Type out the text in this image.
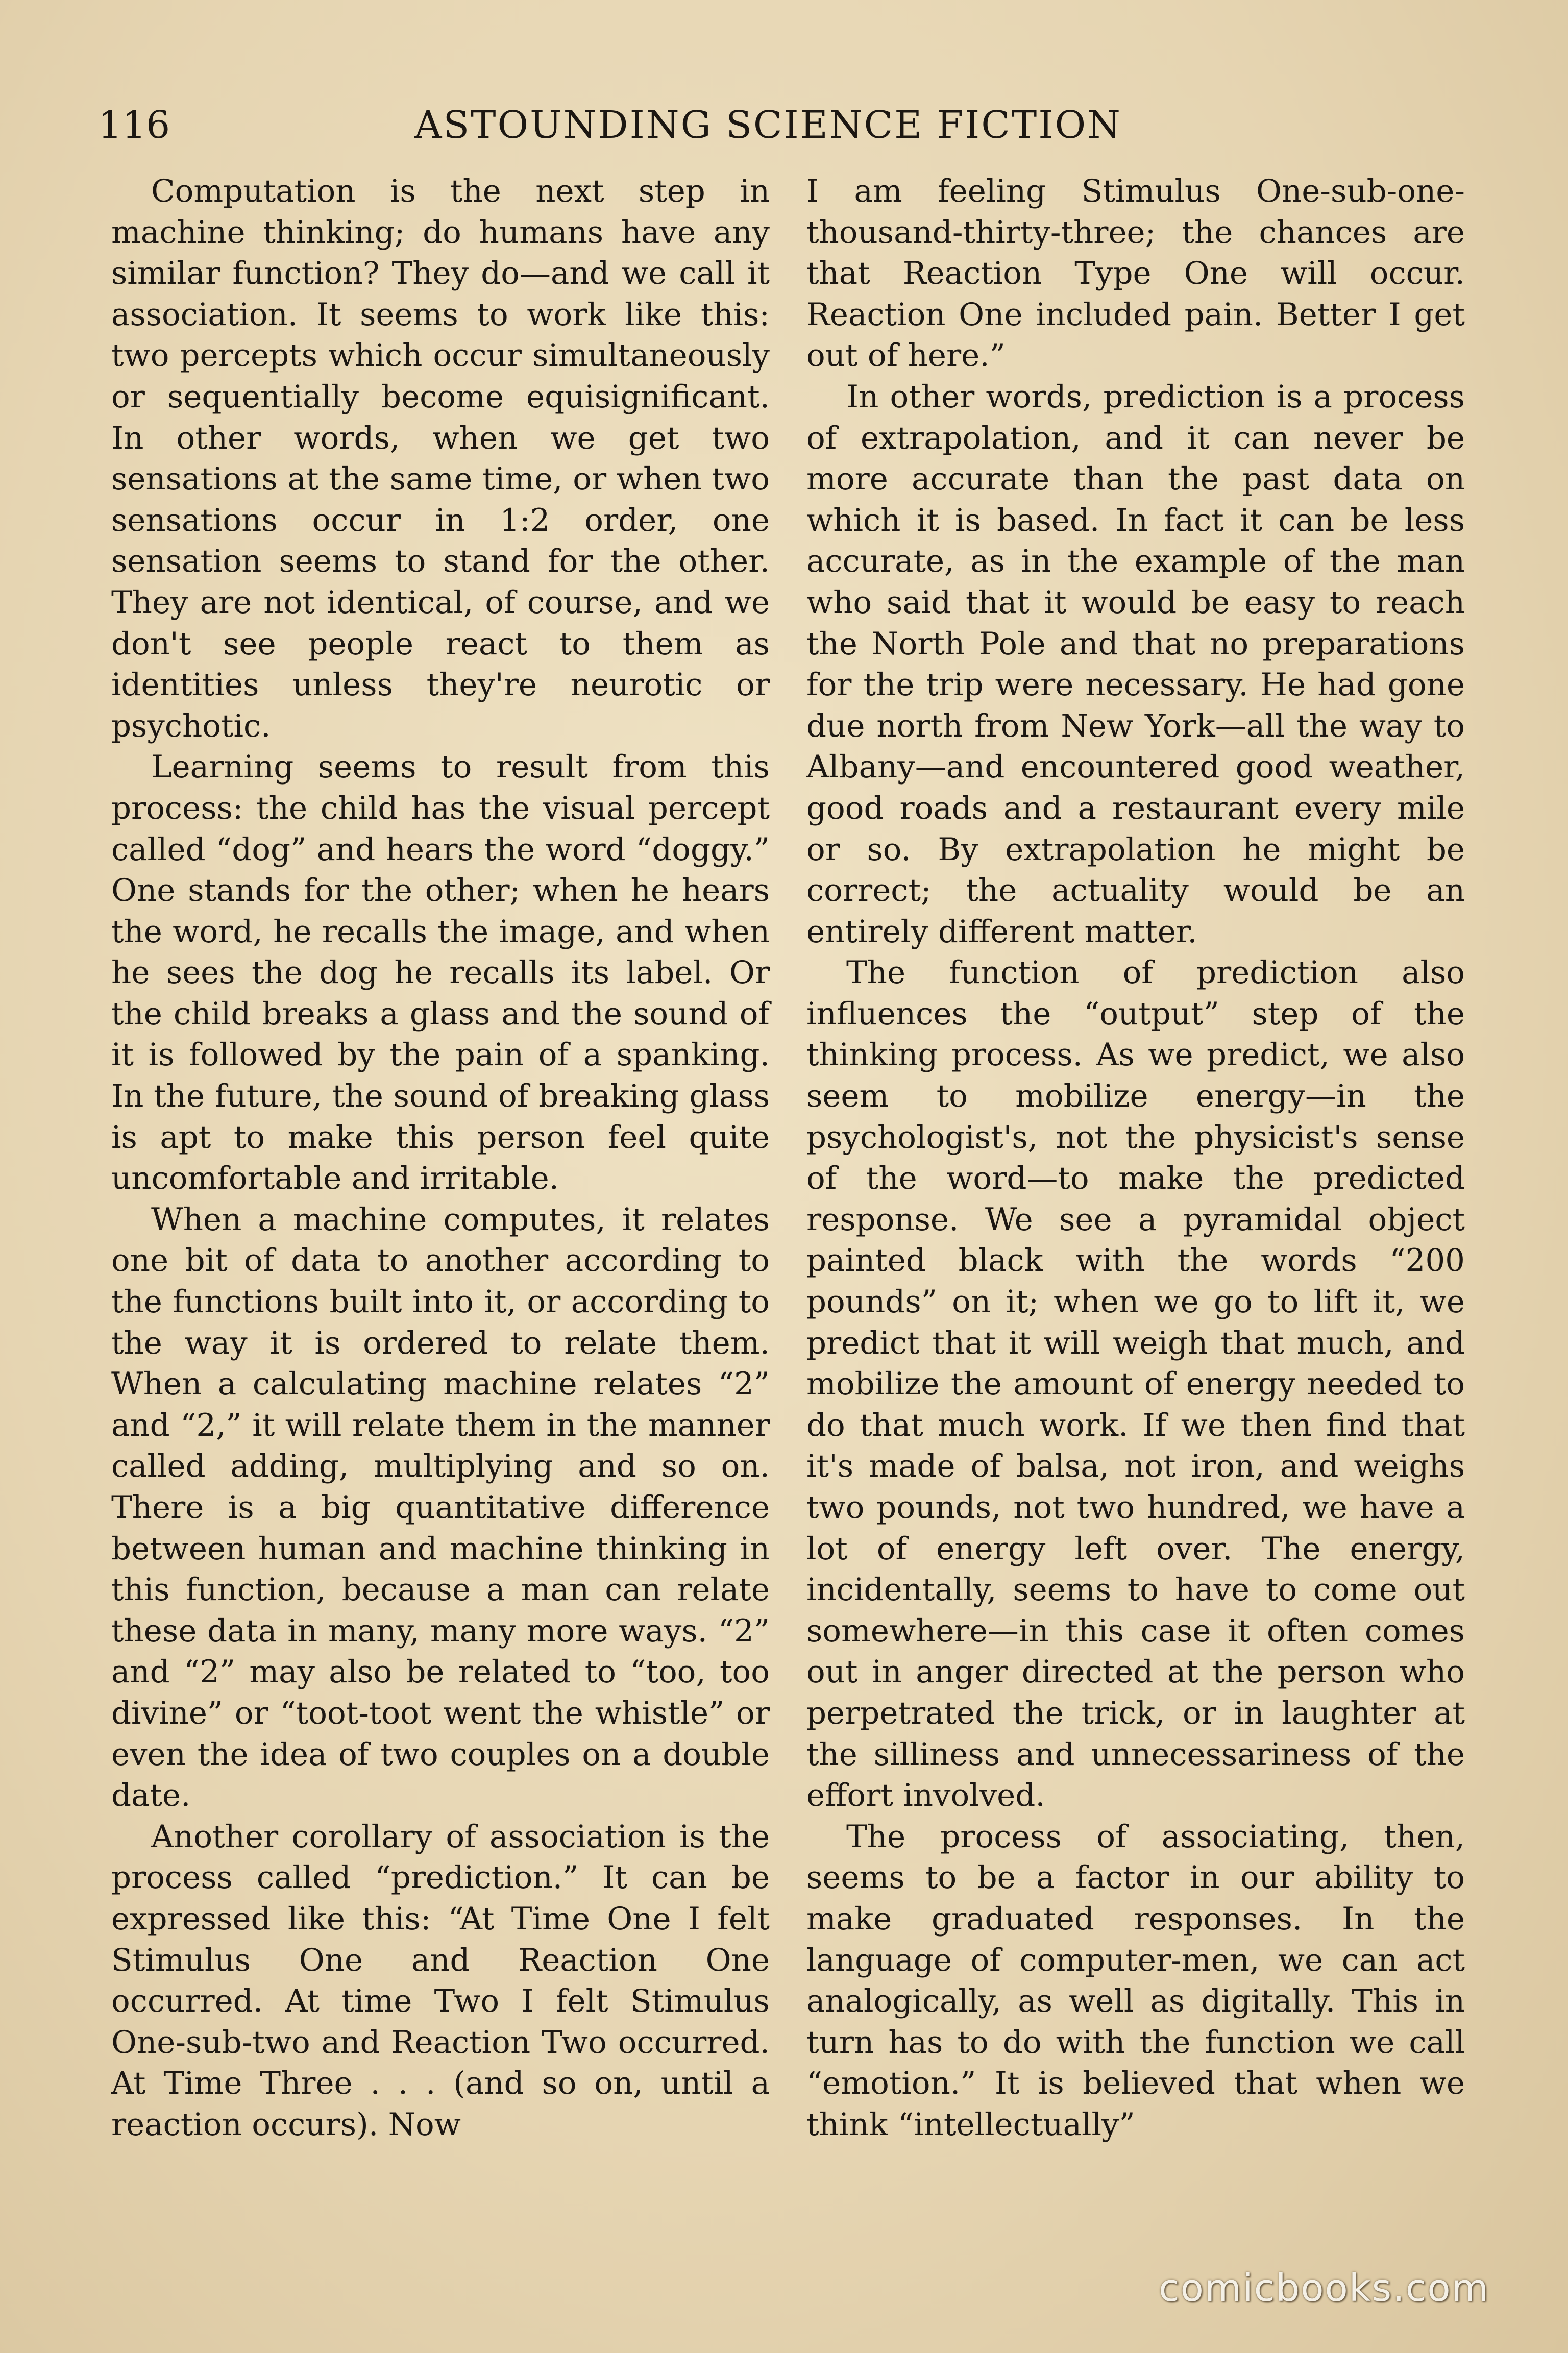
116	ASTOUNDING SCIENCE FICTION

Computation is the next step in machine thinking; do humans have any similar function? They do—and we call it association. It seems to work like this: two percepts which occur simultaneously or sequentially become equisignificant. In other words, when we get two sensations at the same time, or when two sensations occur in 1:2 order, one sensation seems to stand for the other. They are not identical, of course, and we don't see people react to them as identities unless they're neurotic or psychotic.

Learning seems to result from this process: the child has the visual percept called “dog” and hears the word “doggy.” One stands for the other; when he hears the word, he recalls the image, and when he sees the dog he recalls its label. Or the child breaks a glass and the sound of it is followed by the pain of a spanking. In the future, the sound of breaking glass is apt to make this person feel quite uncomfortable and irritable.

When a machine computes, it relates one bit of data to another according to the functions built into it, or according to the way it is ordered to relate them. When a calculating machine relates “2” and “2,” it will relate them in the manner called adding, multiplying and so on. There is a big quantitative difference between human and machine thinking in this function, because a man can relate these data in many, many more ways. “2” and “2” may also be related to “too, too divine” or “toot-toot went the whistle” or even the idea of two couples on a double date.

Another corollary of association is the process called “prediction.” It can be expressed like this: “At Time One I felt Stimulus One and Reaction One occurred. At time Two I felt Stimulus One-sub-two and Reaction Two occurred. At Time Three . . . (and so on, until a reaction occurs). Now

I am feeling Stimulus One-sub-one-thousand-thirty-three; the chances are that Reaction Type One will occur. Reaction One included pain. Better I get out of here.”

In other words, prediction is a process of extrapolation, and it can never be more accurate than the past data on which it is based. In fact it can be less accurate, as in the example of the man who said that it would be easy to reach the North Pole and that no preparations for the trip were necessary. He had gone due north from New York—all the way to Albany—and encountered good weather, good roads and a restaurant every mile or so. By extrapolation he might be correct; the actuality would be an entirely different matter.

The function of prediction also influences the “output” step of the thinking process. As we predict, we also seem to mobilize energy—in the psychologist's, not the physicist's sense of the word—to make the predicted response. We see a pyramidal object painted black with the words “200 pounds” on it; when we go to lift it, we predict that it will weigh that much, and mobilize the amount of energy needed to do that much work. If we then find that it's made of balsa, not iron, and weighs two pounds, not two hundred, we have a lot of energy left over. The energy, incidentally, seems to have to come out somewhere—in this case it often comes out in anger directed at the person who perpetrated the trick, or in laughter at the silliness and unnecessariness of the effort involved.

The process of associating, then, seems to be a factor in our ability to make graduated responses. In the language of computer-men, we can act analogically, as well as digitally. This in turn has to do with the function we call “emotion.” It is believed that when we think “intellectually”

comicbooks.com
